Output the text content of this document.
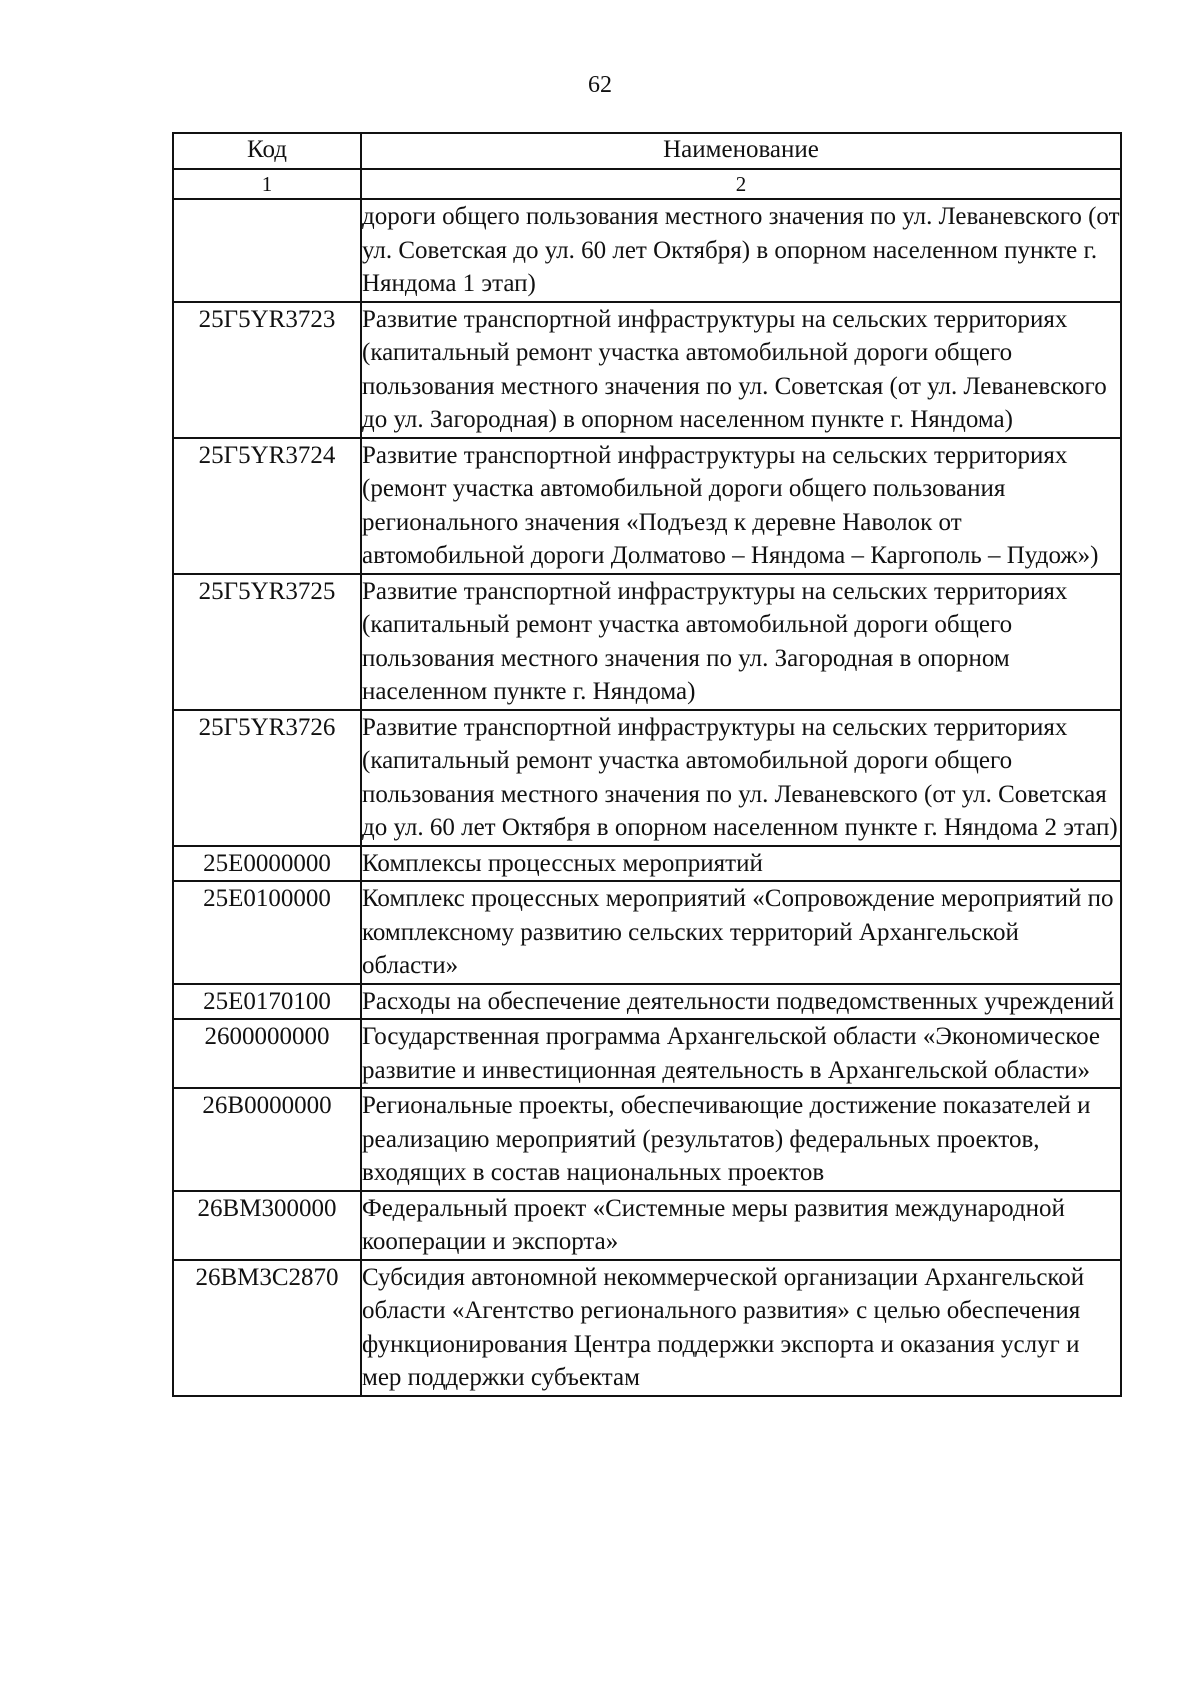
62
Код	Наименование
1	2
	дороги общего пользования местного значения по ул. Леваневского (от ул. Советская до ул. 60 лет Октября) в опорном населенном пункте г. Няндома 1 этап)
25Г5YR3723	Развитие транспортной инфраструктуры на сельских территориях (капитальный ремонт участка автомобильной дороги общего пользования местного значения по ул. Советская (от ул. Леваневского до ул. Загородная) в опорном населенном пункте г. Няндома)
25Г5YR3724	Развитие транспортной инфраструктуры на сельских территориях (ремонт участка автомобильной дороги общего пользования регионального значения «Подъезд к деревне Наволок от автомобильной дороги Долматово – Няндома – Каргополь – Пудож»)
25Г5YR3725	Развитие транспортной инфраструктуры на сельских территориях (капитальный ремонт участка автомобильной дороги общего пользования местного значения по ул. Загородная в опорном населенном пункте г. Няндома)
25Г5YR3726	Развитие транспортной инфраструктуры на сельских территориях (капитальный ремонт участка автомобильной дороги общего пользования местного значения по ул. Леваневского (от ул. Советская до ул. 60 лет Октября в опорном населенном пункте г. Няндома 2 этап)
25Е0000000	Комплексы процессных мероприятий
25Е0100000	Комплекс процессных мероприятий «Сопровождение мероприятий по комплексному развитию сельских территорий Архангельской области»
25Е0170100	Расходы на обеспечение деятельности подведомственных учреждений
2600000000	Государственная программа Архангельской области «Экономическое развитие и инвестиционная деятельность в Архангельской области»
26В0000000	Региональные проекты, обеспечивающие достижение показателей и реализацию мероприятий (результатов) федеральных проектов, входящих в состав национальных проектов
26ВМ300000	Федеральный проект «Системные меры развития международной кооперации и экспорта»
26ВМ3С2870	Субсидия автономной некоммерческой организации Архангельской области «Агентство регионального развития» с целью обеспечения функционирования Центра поддержки экспорта и оказания услуг и мер поддержки субъектам
